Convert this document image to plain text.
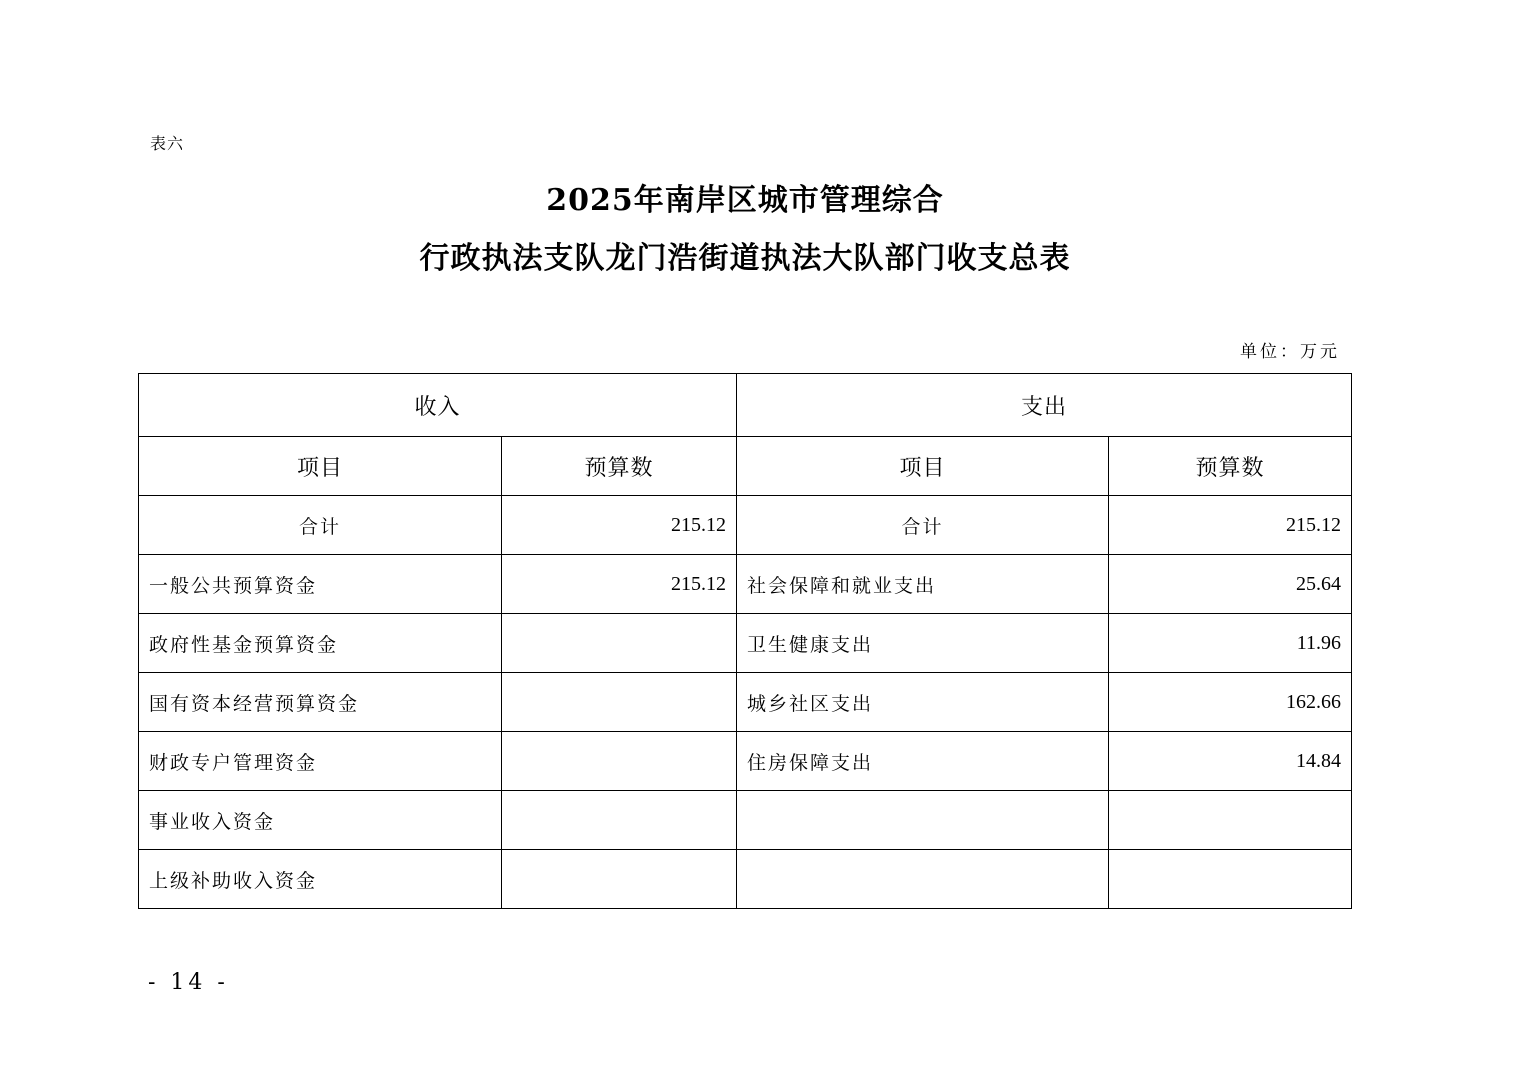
表六
2025年南岸区城市管理综合
行政执法支队龙门浩街道执法大队部门收支总表
单位：万元
收入		支出	
项目	预算数	项目	预算数
合计	215.12	合计	215.12
一般公共预算资金	215.12	社会保障和就业支出	25.64
政府性基金预算资金		卫生健康支出	11.96
国有资本经营预算资金		城乡社区支出	162.66
财政专户管理资金		住房保障支出	14.84
事业收入资金			
上级补助收入资金			
- 14 -
